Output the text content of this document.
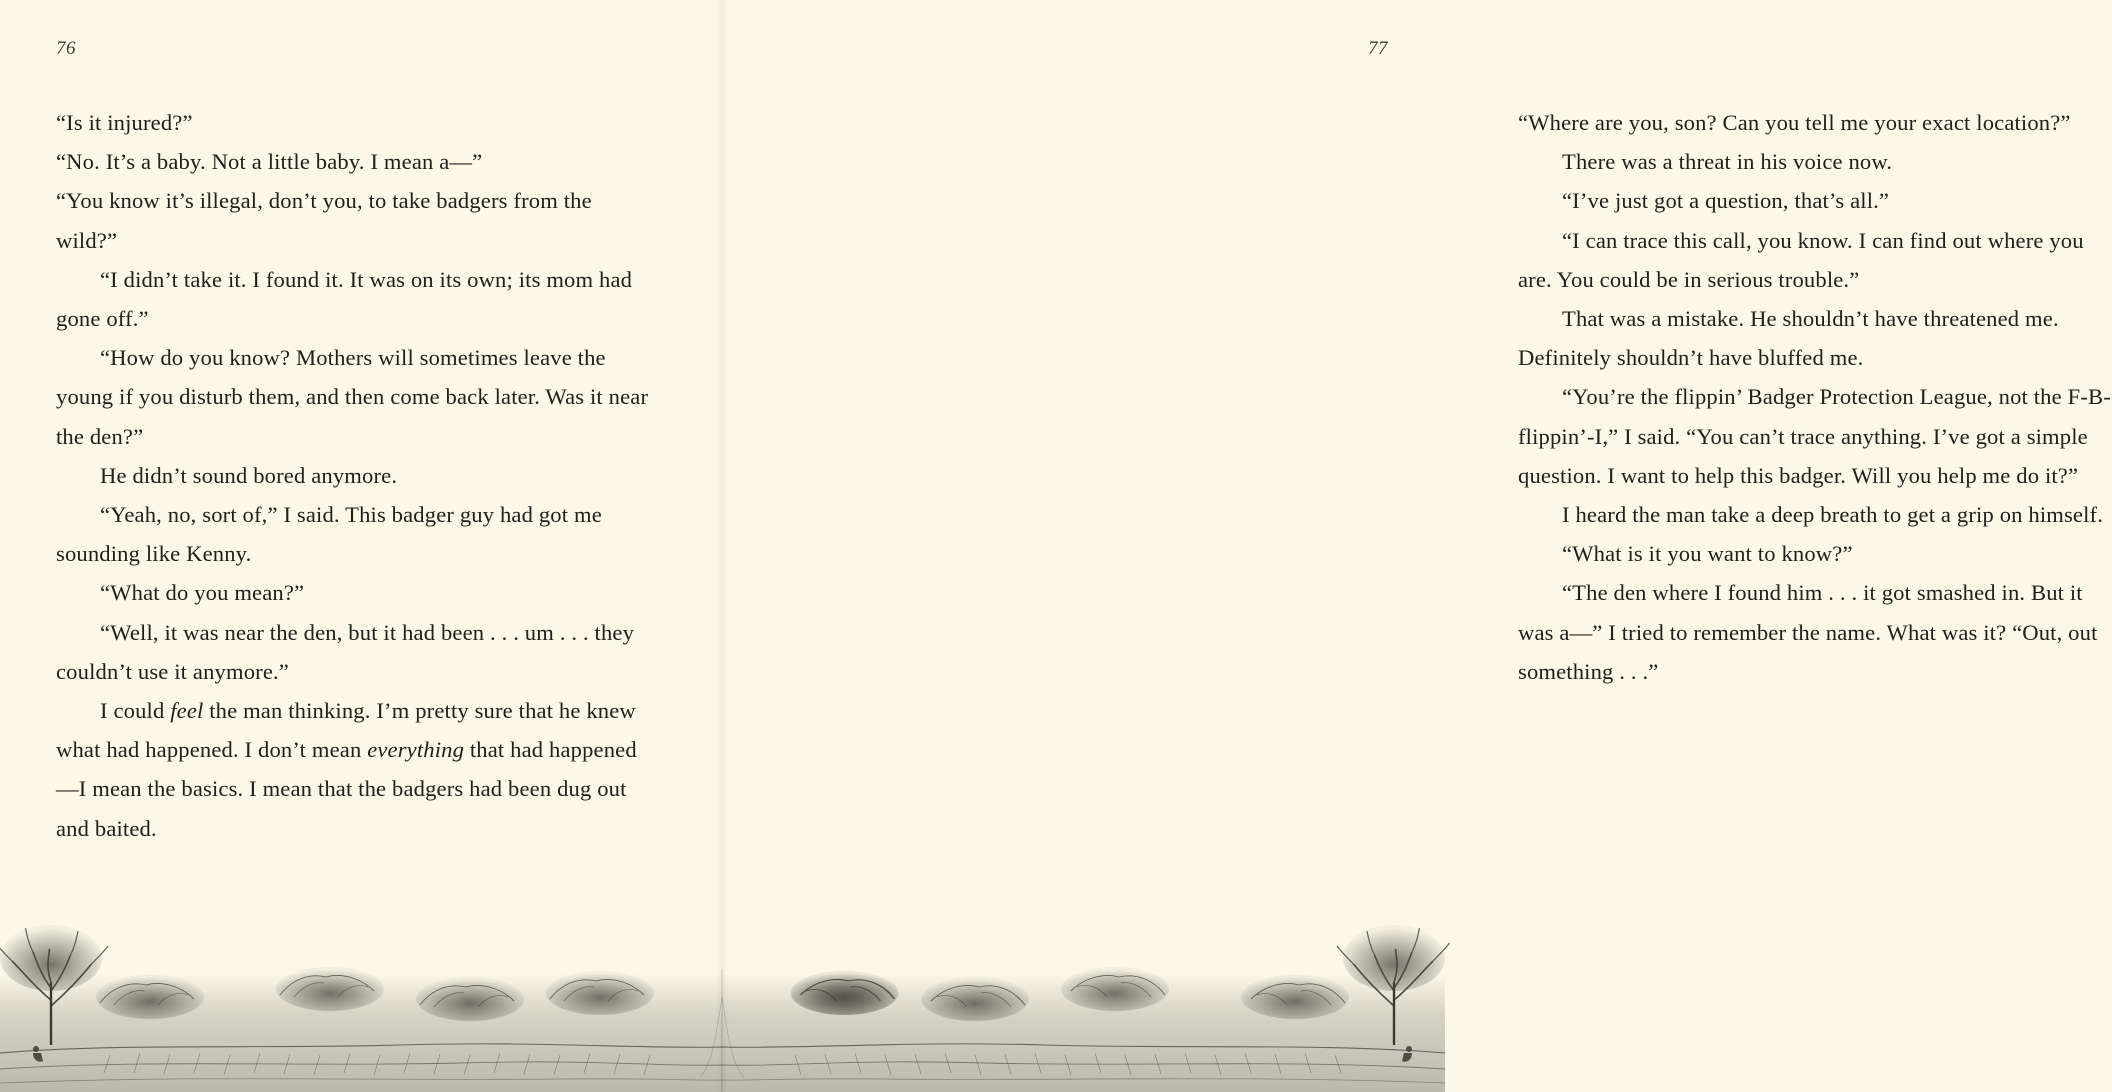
76

“Is it injured?”

“No. It’s a baby. Not a little baby. I mean a—”

“You know it’s illegal, don’t you, to take badgers from the wild?”

“I didn’t take it. I found it. It was on its own; its mom had gone off.”

“How do you know? Mothers will sometimes leave the young if you disturb them, and then come back later. Was it near the den?”

He didn’t sound bored anymore.

“Yeah, no, sort of,” I said. This badger guy had got me sounding like Kenny.

“What do you mean?”

“Well, it was near the den, but it had been . . . um . . . they couldn’t use it anymore.”

I could feel the man thinking. I’m pretty sure that he knew what had happened. I don’t mean everything that had happened—I mean the basics. I mean that the badgers had been dug out and baited.

77

“Where are you, son? Can you tell me your exact location?”

There was a threat in his voice now.

“I’ve just got a question, that’s all.”

“I can trace this call, you know. I can find out where you are. You could be in serious trouble.”

That was a mistake. He shouldn’t have threatened me. Definitely shouldn’t have bluffed me.

“You’re the flippin’ Badger Protection League, not the F-B-flippin’-I,” I said. “You can’t trace anything. I’ve got a simple question. I want to help this badger. Will you help me do it?”

I heard the man take a deep breath to get a grip on himself.

“What is it you want to know?”

“The den where I found him . . . it got smashed in. But it was a—” I tried to remember the name. What was it? “Out, out something . . .”
